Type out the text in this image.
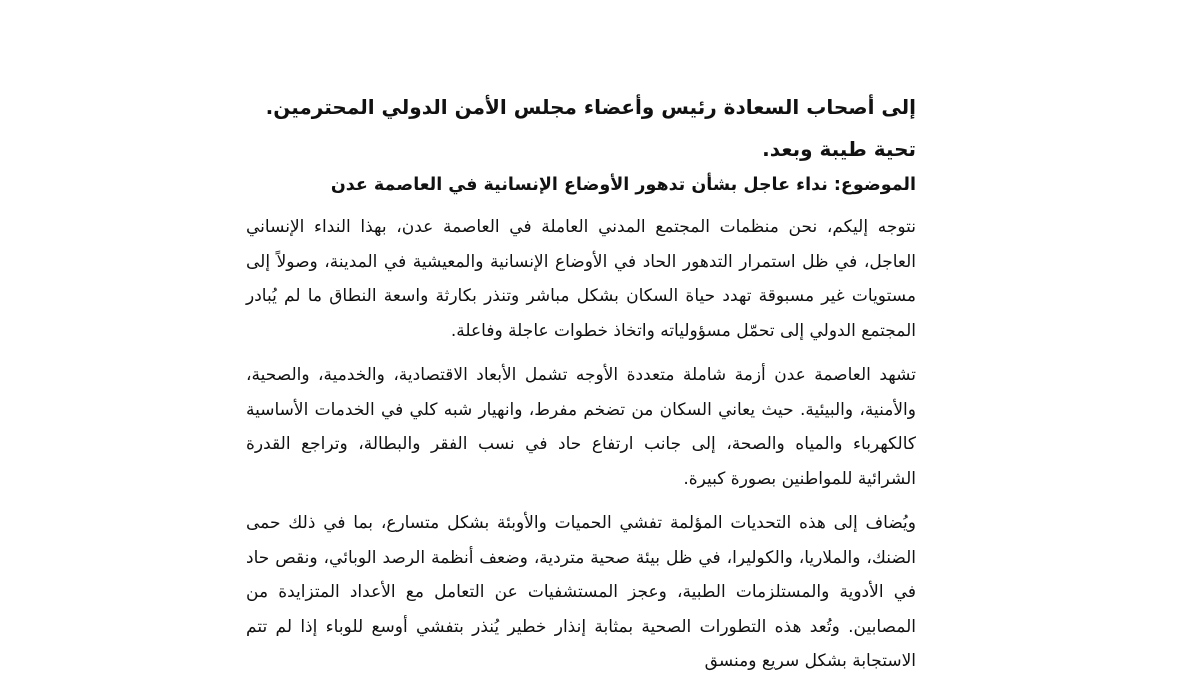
إلى أصحاب السعادة رئيس وأعضاء مجلس الأمن الدولي المحترمين.
تحية طيبة وبعد.
الموضوع: نداء عاجل بشأن تدهور الأوضاع الإنسانية في العاصمة عدن

نتوجه إليكم، نحن منظمات المجتمع المدني العاملة في العاصمة عدن، بهذا النداء الإنساني العاجل، في ظل استمرار التدهور الحاد في الأوضاع الإنسانية والمعيشية في المدينة، وصولاً إلى مستويات غير مسبوقة تهدد حياة السكان بشكل مباشر وتنذر بكارثة واسعة النطاق ما لم يُبادر المجتمع الدولي إلى تحمّل مسؤولياته واتخاذ خطوات عاجلة وفاعلة.

تشهد العاصمة عدن أزمة شاملة متعددة الأوجه تشمل الأبعاد الاقتصادية، والخدمية، والصحية، والأمنية، والبيئية. حيث يعاني السكان من تضخم مفرط، وانهيار شبه كلي في الخدمات الأساسية كالكهرباء والمياه والصحة، إلى جانب ارتفاع حاد في نسب الفقر والبطالة، وتراجع القدرة الشرائية للمواطنين بصورة كبيرة.

ويُضاف إلى هذه التحديات المؤلمة تفشي الحميات والأوبئة بشكل متسارع، بما في ذلك حمى الضنك، والملاريا، والكوليرا، في ظل بيئة صحية متردية، وضعف أنظمة الرصد الوبائي، ونقص حاد في الأدوية والمستلزمات الطبية، وعجز المستشفيات عن التعامل مع الأعداد المتزايدة من المصابين. وتُعد هذه التطورات الصحية بمثابة إنذار خطير يُنذر بتفشي أوسع للوباء إذا لم تتم الاستجابة بشكل سريع ومنسق
